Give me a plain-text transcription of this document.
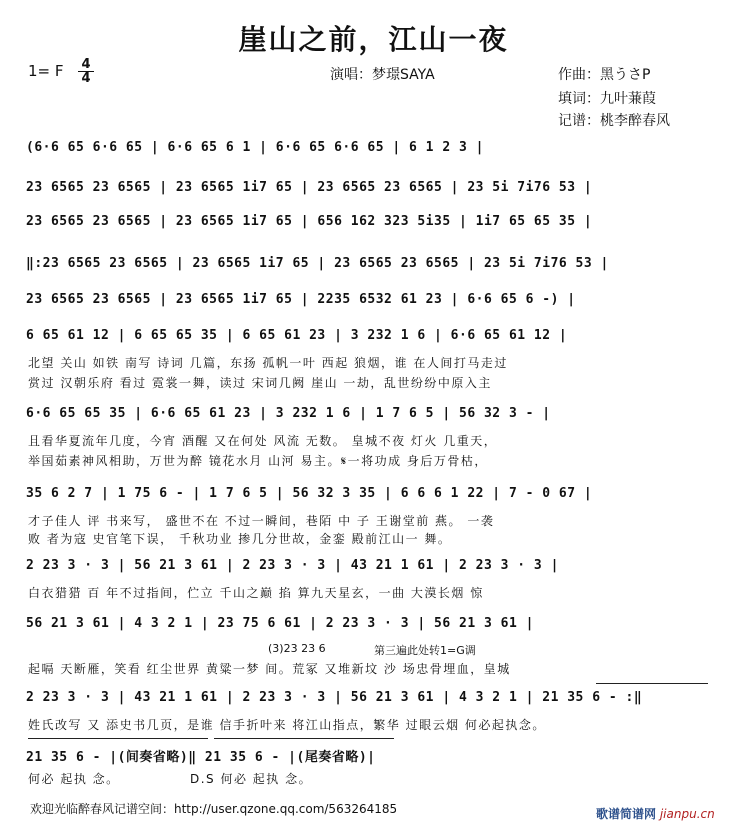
崖山之前，江山一夜
1= F 4
4	演唱：梦璟SAYA	作曲：黑うさP
填词：九叶蒹葭
记谱：桃李醉春风
(6·6 65 6·6 65 | 6·6 65 6 1 | 6·6 65 6·6 65 | 6 1 2 3 |
23 6565 23 6565 | 23 6565 1i7 65 | 23 6565 23 6565 | 23 5i 7i76 53 |
23 6565 23 6565 | 23 6565 1i7 65 | 656 162 323 5i35 | 1i7 65 65 35 |
‖:23 6565 23 6565 | 23 6565 1i7 65 | 23 6565 23 6565 | 23 5i 7i76 53 |
23 6565 23 6565 | 23 6565 1i7 65 | 2235 6532 61 23 | 6·6 65 6 -) |
6 65 61 12 | 6 65 65 35 | 6 65 61 23 | 3 232 1 6 | 6·6 65 61 12 |
北望 关山 如铁 南写 诗词 几篇，东扬 孤帆一叶 西起 狼烟，谁 在人间打马走过
赏过 汉朝乐府 看过 霓裳一舞，读过 宋词几阙 崖山 一劫，乱世纷纷中原入主
6·6 65 65 35 | 6·6 65 61 23 | 3 232 1 6 | 1 7 6 5 | 56 32 3 - |
且看华夏流年几度，今宵 酒醒 又在何处 风流 无数。 皇城不夜 灯火 几重天，
举国茹素神风相助，万世为醉 镜花水月 山河 易主。𝄋一将功成 身后万骨枯，
35 6 2 7 | 1 75 6 - | 1 7 6 5 | 56 32 3 35 | 6 6 6 1 22 | 7 - 0 67 |
才子佳人 评 书来写， 盛世不在 不过一瞬间，巷陌 中 子 王谢堂前 燕。 一袭
败 者为寇 史官笔下误， 千秋功业 掺几分世故，金銮 殿前江山一 舞。
2 23 3 · 3 | 56 21 3 61 | 2 23 3 · 3 | 43 21 1 61 | 2 23 3 · 3 |
白衣猎猎 百 年不过指间，伫立 千山之巅 掐 算九天星玄，一曲 大漠长烟 惊
56 21 3 61 | 4 3 2 1 | 23 75 6 61 | 2 23 3 · 3 | 56 21 3 61 |
(3)23 23 6	第三遍此处转1=G调
起嗝 天断雁，笑看 红尘世界 黄粱一梦 间。荒冢 又堆新坟 沙 场忠骨埋血，皇城
2 23 3 · 3 | 43 21 1 61 | 2 23 3 · 3 | 56 21 3 61 | 4 3 2 1 | 21 35 6 - :‖
姓氏改写 又 添史书几页，是谁 信手折叶来 将江山指点，繁华 过眼云烟 何必起执念。
21 35 6 - |(间奏省略)‖ 21 35 6 - |(尾奏省略)|
何必 起执 念。	D.S 何必 起执 念。
欢迎光临醉春风记谱空间：http://user.qzone.qq.com/563264185	歌谱简谱网 jianpu.cn
